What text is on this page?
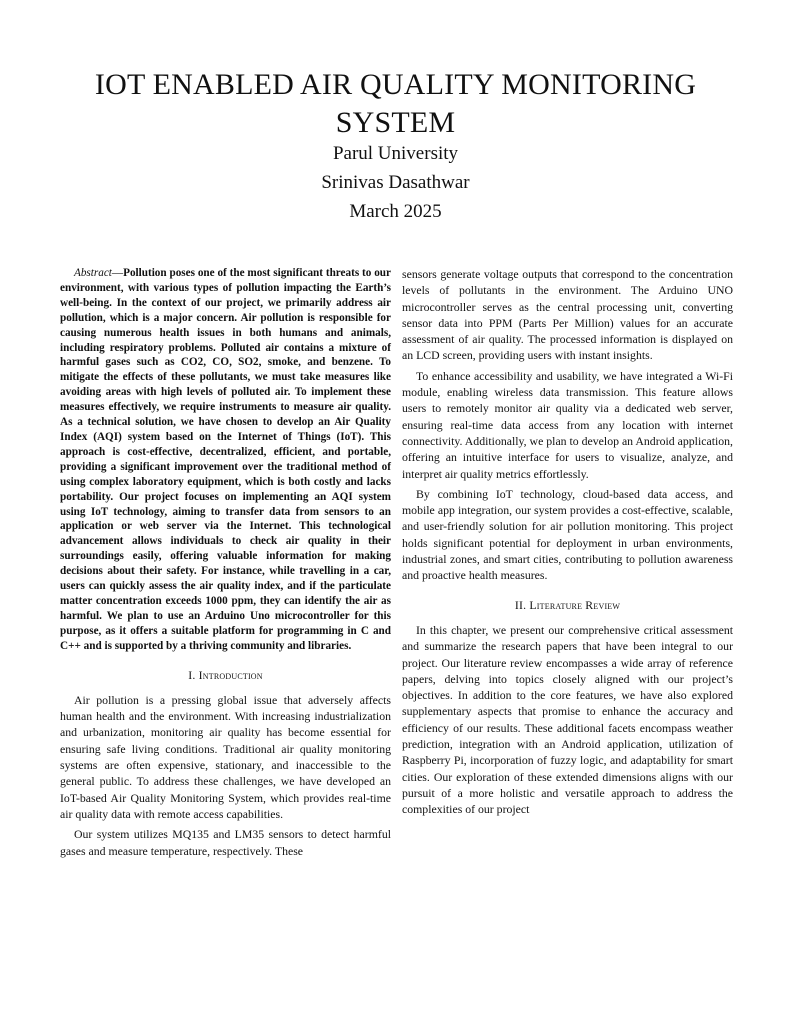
IOT ENABLED AIR QUALITY MONITORING SYSTEM

Parul University

Srinivas Dasathwar

March 2025

Abstract—Pollution poses one of the most significant threats to our environment, with various types of pollution impacting the Earth’s well-being. In the context of our project, we primarily address air pollution, which is a major concern. Air pollution is responsible for causing numerous health issues in both humans and animals, including respiratory problems. Polluted air contains a mixture of harmful gases such as CO2, CO, SO2, smoke, and benzene. To mitigate the effects of these pollutants, we must take measures like avoiding areas with high levels of polluted air. To implement these measures effectively, we require instruments to measure air quality. As a technical solution, we have chosen to develop an Air Quality Index (AQI) system based on the Internet of Things (IoT). This approach is cost-effective, decentralized, efficient, and portable, providing a significant improvement over the traditional method of using complex laboratory equipment, which is both costly and lacks portability. Our project focuses on implementing an AQI system using IoT technology, aiming to transfer data from sensors to an application or web server via the Internet. This technological advancement allows individuals to check air quality in their surroundings easily, offering valuable information for making decisions about their safety. For instance, while travelling in a car, users can quickly assess the air quality index, and if the particulate matter concentration exceeds 1000 ppm, they can identify the air as harmful. We plan to use an Arduino Uno microcontroller for this purpose, as it offers a suitable platform for programming in C and C++ and is supported by a thriving community and libraries.

I. Introduction

Air pollution is a pressing global issue that adversely affects human health and the environment. With increasing industrialization and urbanization, monitoring air quality has become essential for ensuring safe living conditions. Traditional air quality monitoring systems are often expensive, stationary, and inaccessible to the general public. To address these challenges, we have developed an IoT-based Air Quality Monitoring System, which provides real-time air quality data with remote access capabilities.

Our system utilizes MQ135 and LM35 sensors to detect harmful gases and measure temperature, respectively. These

sensors generate voltage outputs that correspond to the concentration levels of pollutants in the environment. The Arduino UNO microcontroller serves as the central processing unit, converting sensor data into PPM (Parts Per Million) values for an accurate assessment of air quality. The processed information is displayed on an LCD screen, providing users with instant insights.

To enhance accessibility and usability, we have integrated a Wi-Fi module, enabling wireless data transmission. This feature allows users to remotely monitor air quality via a dedicated web server, ensuring real-time data access from any location with internet connectivity. Additionally, we plan to develop an Android application, offering an intuitive interface for users to visualize, analyze, and interpret air quality metrics effortlessly.

By combining IoT technology, cloud-based data access, and mobile app integration, our system provides a cost-effective, scalable, and user-friendly solution for air pollution monitoring. This project holds significant potential for deployment in urban environments, industrial zones, and smart cities, contributing to pollution awareness and proactive health measures.

II. Literature Review

In this chapter, we present our comprehensive critical assessment and summarize the research papers that have been integral to our project. Our literature review encompasses a wide array of reference papers, delving into topics closely aligned with our project’s objectives. In addition to the core features, we have also explored supplementary aspects that promise to enhance the accuracy and efficiency of our results. These additional facets encompass weather prediction, integration with an Android application, utilization of Raspberry Pi, incorporation of fuzzy logic, and adaptability for smart cities. Our exploration of these extended dimensions aligns with our pursuit of a more holistic and versatile approach to address the complexities of our project
